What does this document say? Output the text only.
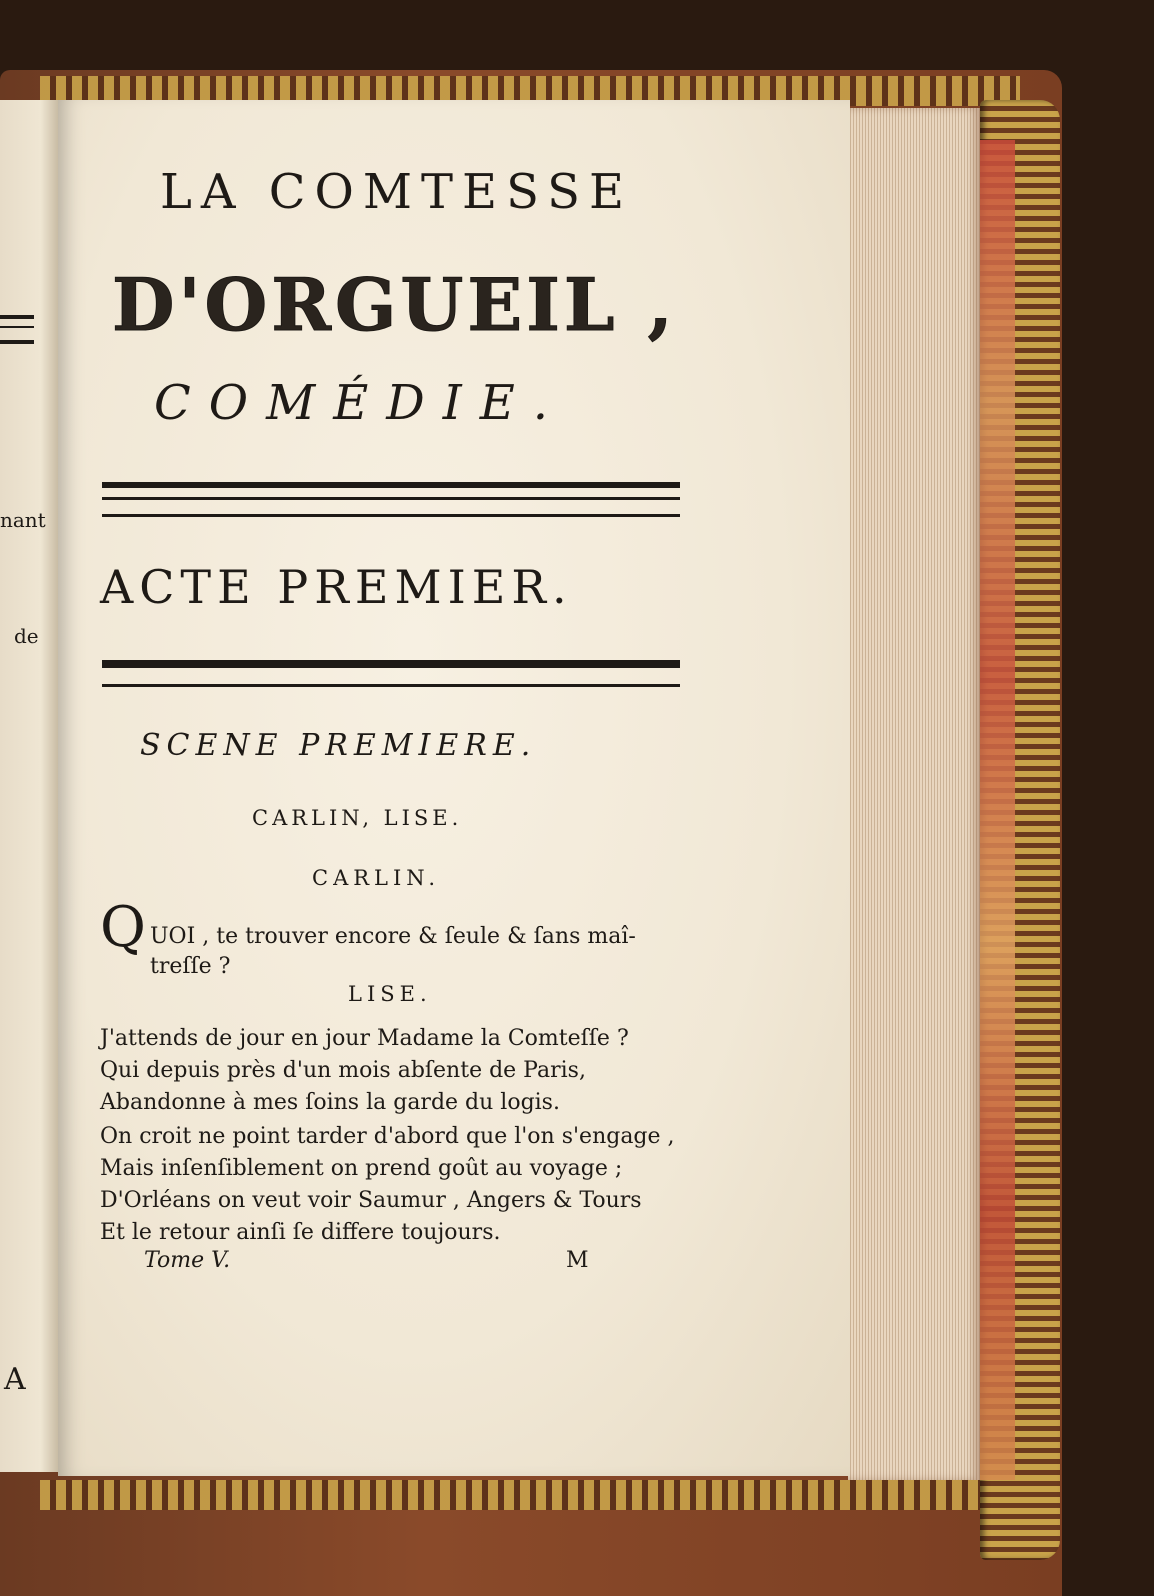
nant
de
A
LA COMTESSE
D'ORGUEIL ,
COMÉDIE.
ACTE PREMIER.
SCENE PREMIERE.
CARLIN, LISE.
CARLIN.
Q UOI , te trouver encore & ſeule & ſans maî-
treſſe ?
LISE.
J'attends de jour en jour Madame la Comteſſe ?
Qui depuis près d'un mois abſente de Paris,
Abandonne à mes ſoins la garde du logis.
On croit ne point tarder d'abord que l'on s'engage ,
Mais inſenſiblement on prend goût au voyage ;
D'Orléans on veut voir Saumur , Angers & Tours
Et le retour ainſi ſe differe toujours.
Tome V.	M
